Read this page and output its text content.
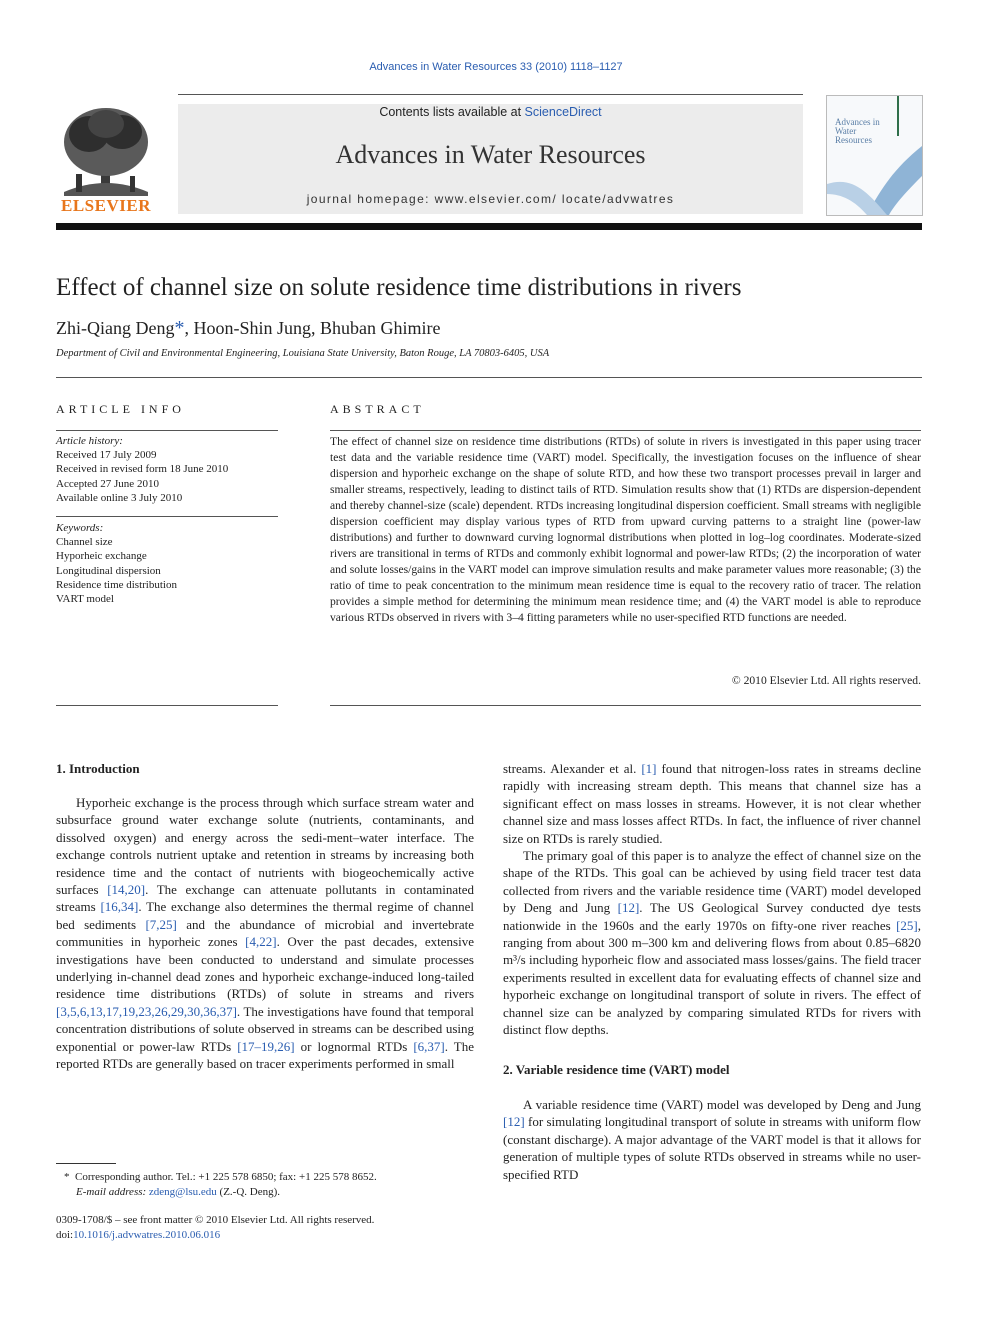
Advances in Water Resources 33 (2010) 1118–1127
ELSEVIER
Contents lists available at ScienceDirect
Advances in Water Resources
journal homepage: www.elsevier.com/ locate/advwatres
Advances in Water Resources
Effect of channel size on solute residence time distributions in rivers
Zhi-Qiang Deng*, Hoon-Shin Jung, Bhuban Ghimire
Department of Civil and Environmental Engineering, Louisiana State University, Baton Rouge, LA 70803-6405, USA
ARTICLE INFO
Article history:
Received 17 July 2009
Received in revised form 18 June 2010
Accepted 27 June 2010
Available online 3 July 2010
Keywords:
Channel size
Hyporheic exchange
Longitudinal dispersion
Residence time distribution
VART model
ABSTRACT
The effect of channel size on residence time distributions (RTDs) of solute in rivers is investigated in this paper using tracer test data and the variable residence time (VART) model. Specifically, the investigation focuses on the influence of shear dispersion and hyporheic exchange on the shape of solute RTD, and how these two transport processes prevail in larger and smaller streams, respectively, leading to distinct tails of RTD. Simulation results show that (1) RTDs are dispersion-dependent and thereby channel-size (scale) dependent. RTDs increasing longitudinal dispersion coefficient. Small streams with negligible dispersion coefficient may display various types of RTD from upward curving patterns to a straight line (power-law distributions) and further to downward curving lognormal distributions when plotted in log–log coordinates. Moderate-sized rivers are transitional in terms of RTDs and commonly exhibit lognormal and power-law RTDs; (2) the incorporation of water and solute losses/gains in the VART model can improve simulation results and make parameter values more reasonable; (3) the ratio of time to peak concentration to the minimum mean residence time is equal to the recovery ratio of tracer. The relation provides a simple method for determining the minimum mean residence time; and (4) the VART model is able to reproduce various RTDs observed in rivers with 3–4 fitting parameters while no user-specified RTD functions are needed.
© 2010 Elsevier Ltd. All rights reserved.
1. Introduction

Hyporheic exchange is the process through which surface stream water and subsurface ground water exchange solute (nutrients, contaminants, and dissolved oxygen) and energy across the sedi-ment–water interface. The exchange controls nutrient uptake and retention in streams by increasing both residence time and the contact of nutrients with biogeochemically active surfaces [14,20]. The exchange can attenuate pollutants in contaminated streams [16,34]. The exchange also determines the thermal regime of channel bed sediments [7,25] and the abundance of microbial and invertebrate communities in hyporheic zones [4,22]. Over the past decades, extensive investigations have been conducted to understand and simulate processes underlying in-channel dead zones and hyporheic exchange-induced long-tailed residence time distributions (RTDs) of solute in streams and rivers [3,5,6,13,17,19,23,26,29,30,36,37]. The investigations have found that temporal concentration distributions of solute observed in streams can be described using exponential or power-law RTDs [17–19,26] or lognormal RTDs [6,37]. The reported RTDs are generally based on tracer experiments performed in small

streams. Alexander et al. [1] found that nitrogen-loss rates in streams decline rapidly with increasing stream depth. This means that channel size has a significant effect on mass losses in streams. However, it is not clear whether channel size and mass losses affect RTDs. In fact, the influence of river channel size on RTDs is rarely studied.

The primary goal of this paper is to analyze the effect of channel size on the shape of the RTDs. This goal can be achieved by using field tracer test data collected from rivers and the variable residence time (VART) model developed by Deng and Jung [12]. The US Geological Survey conducted dye tests nationwide in the 1960s and the early 1970s on fifty-one river reaches [25], ranging from about 300 m–300 km and delivering flows from about 0.85–6820 m³/s including hyporheic flow and associated mass losses/gains. The field tracer experiments resulted in excellent data for evaluating effects of channel size and hyporheic exchange on longitudinal transport of solute in rivers. The effect of channel size can be analyzed by comparing simulated RTDs for rivers with distinct flow depths.

2. Variable residence time (VART) model

A variable residence time (VART) model was developed by Deng and Jung [12] for simulating longitudinal transport of solute in streams with uniform flow (constant discharge). A major advantage of the VART model is that it allows for generation of multiple types of solute RTDs observed in streams while no user-specified RTD

* Corresponding author. Tel.: +1 225 578 6850; fax: +1 225 578 8652.
E-mail address: zdeng@lsu.edu (Z.-Q. Deng).
0309-1708/$ – see front matter © 2010 Elsevier Ltd. All rights reserved.
doi:10.1016/j.advwatres.2010.06.016
